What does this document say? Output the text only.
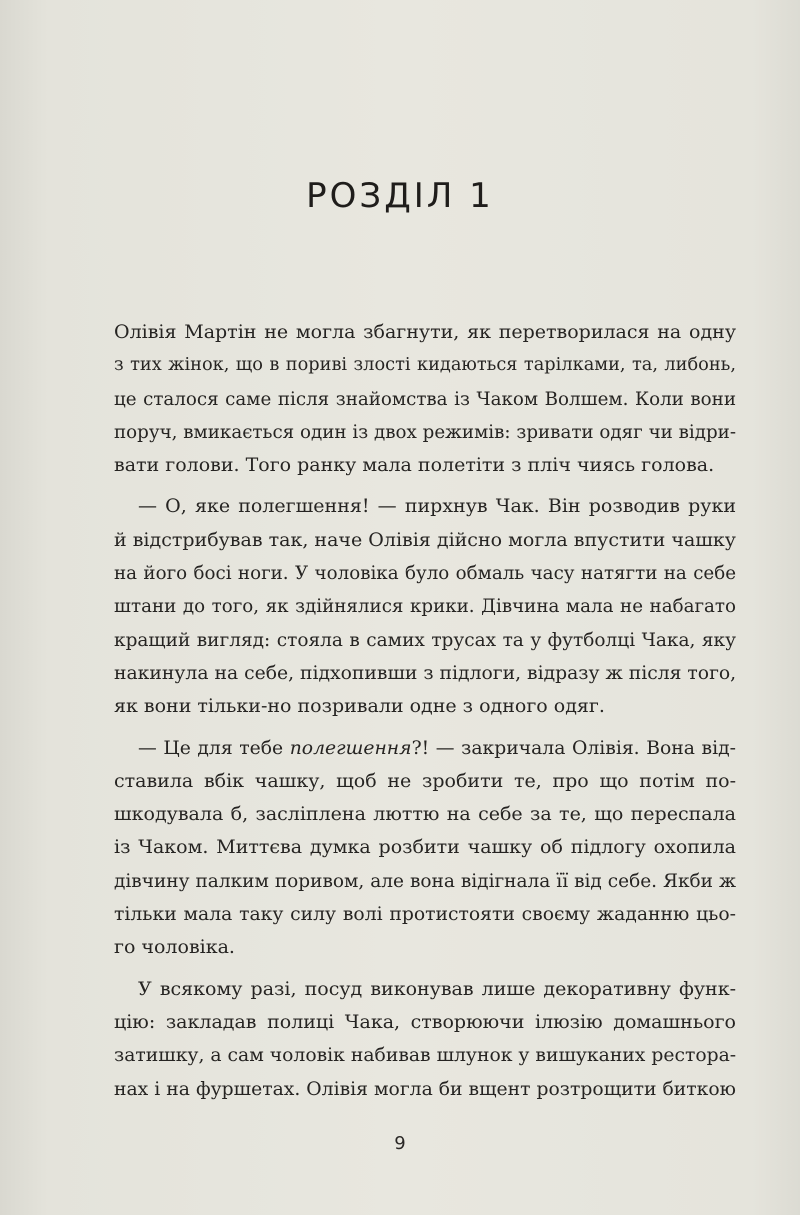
РОЗДІЛ 1
Олівія Мартін не могла збагнути, як перетворилася на одну
з тих жінок, що в пориві злості кидаються тарілками, та, либонь,
це сталося саме після знайомства із Чаком Волшем. Коли вони
поруч, вмикається один із двох режимів: зривати одяг чи відри-
вати голови. Того ранку мала полетіти з пліч чиясь голова.
— О, яке полегшення! — пирхнув Чак. Він розводив руки
й відстрибував так, наче Олівія дійсно могла впустити чашку
на його босі ноги. У чоловіка було обмаль часу натягти на себе
штани до того, як здійнялися крики. Дівчина мала не набагато
кращий вигляд: стояла в самих трусах та у футболці Чака, яку
накинула на себе, підхопивши з підлоги, відразу ж після того,
як вони тільки-но позривали одне з одного одяг.
— Це для тебе полегшення?! — закричала Олівія. Вона від-
ставила вбік чашку, щоб не зробити те, про що потім по-
шкодувала б, засліплена люттю на себе за те, що переспала
із Чаком. Миттєва думка розбити чашку об підлогу охопила
дівчину палким поривом, але вона відігнала її від себе. Якби ж
тільки мала таку силу волі протистояти своєму жаданню цьо-
го чоловіка.
У всякому разі, посуд виконував лише декоративну функ-
цію: закладав полиці Чака, створюючи ілюзію домашнього
затишку, а сам чоловік набивав шлунок у вишуканих рестора-
нах і на фуршетах. Олівія могла би вщент розтрощити биткою
9
